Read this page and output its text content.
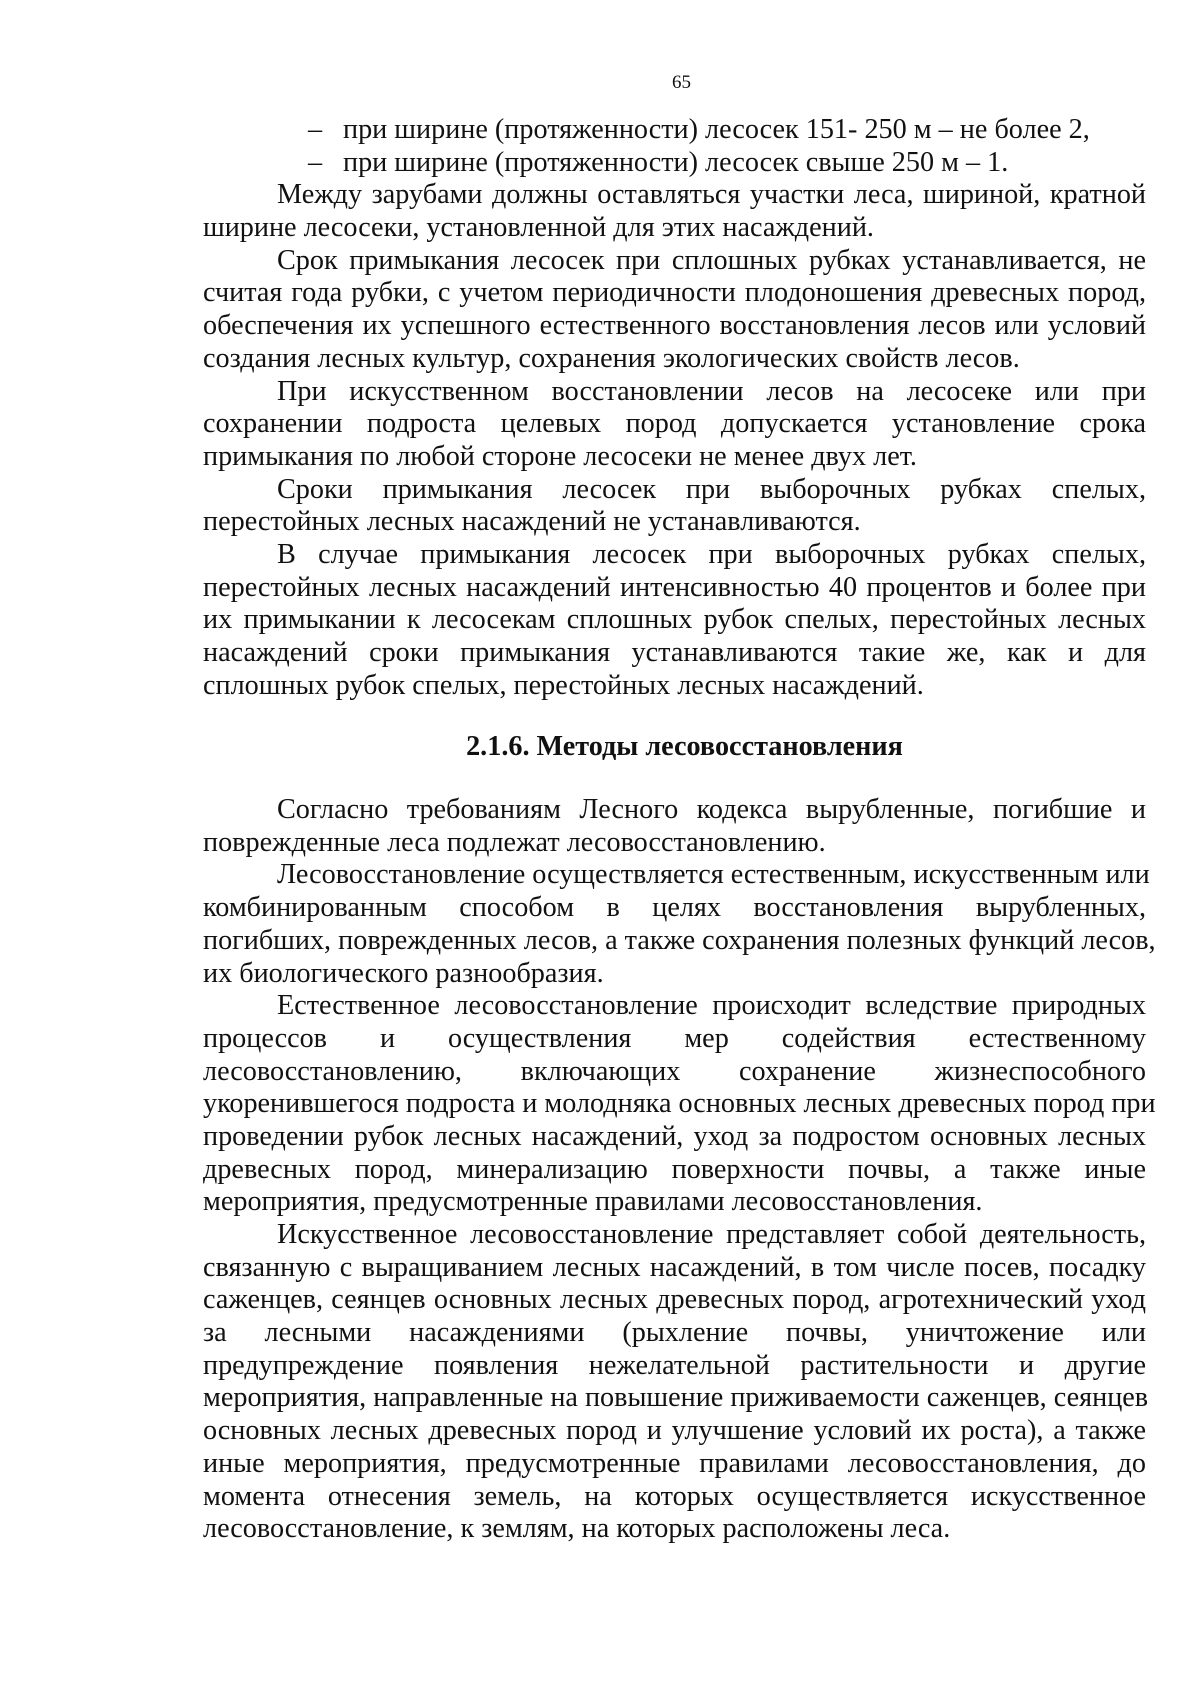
65
– при ширине (протяженности) лесосек 151- 250 м – не более 2,
– при ширине (протяженности) лесосек свыше 250 м – 1.
Между зарубами должны оставляться участки леса, шириной, кратной
ширине лесосеки, установленной для этих насаждений.
Срок примыкания лесосек при сплошных рубках устанавливается, не
считая года рубки, с учетом периодичности плодоношения древесных пород,
обеспечения их успешного естественного восстановления лесов или условий
создания лесных культур, сохранения экологических свойств лесов.
При искусственном восстановлении лесов на лесосеке или при
сохранении подроста целевых пород допускается установление срока
примыкания по любой стороне лесосеки не менее двух лет.
Сроки примыкания лесосек при выборочных рубках спелых,
перестойных лесных насаждений не устанавливаются.
В случае примыкания лесосек при выборочных рубках спелых,
перестойных лесных насаждений интенсивностью 40 процентов и более при
их примыкании к лесосекам сплошных рубок спелых, перестойных лесных
насаждений сроки примыкания устанавливаются такие же, как и для
сплошных рубок спелых, перестойных лесных насаждений.
2.1.6. Методы лесовосстановления
Согласно требованиям Лесного кодекса вырубленные, погибшие и
поврежденные леса подлежат лесовосстановлению.
Лесовосстановление осуществляется естественным, искусственным или
комбинированным способом в целях восстановления вырубленных,
погибших, поврежденных лесов, а также сохранения полезных функций лесов,
их биологического разнообразия.
Естественное лесовосстановление происходит вследствие природных
процессов и осуществления мер содействия естественному
лесовосстановлению, включающих сохранение жизнеспособного
укоренившегося подроста и молодняка основных лесных древесных пород при
проведении рубок лесных насаждений, уход за подростом основных лесных
древесных пород, минерализацию поверхности почвы, а также иные
мероприятия, предусмотренные правилами лесовосстановления.
Искусственное лесовосстановление представляет собой деятельность,
связанную с выращиванием лесных насаждений, в том числе посев, посадку
саженцев, сеянцев основных лесных древесных пород, агротехнический уход
за лесными насаждениями (рыхление почвы, уничтожение или
предупреждение появления нежелательной растительности и другие
мероприятия, направленные на повышение приживаемости саженцев, сеянцев
основных лесных древесных пород и улучшение условий их роста), а также
иные мероприятия, предусмотренные правилами лесовосстановления, до
момента отнесения земель, на которых осуществляется искусственное
лесовосстановление, к землям, на которых расположены леса.
